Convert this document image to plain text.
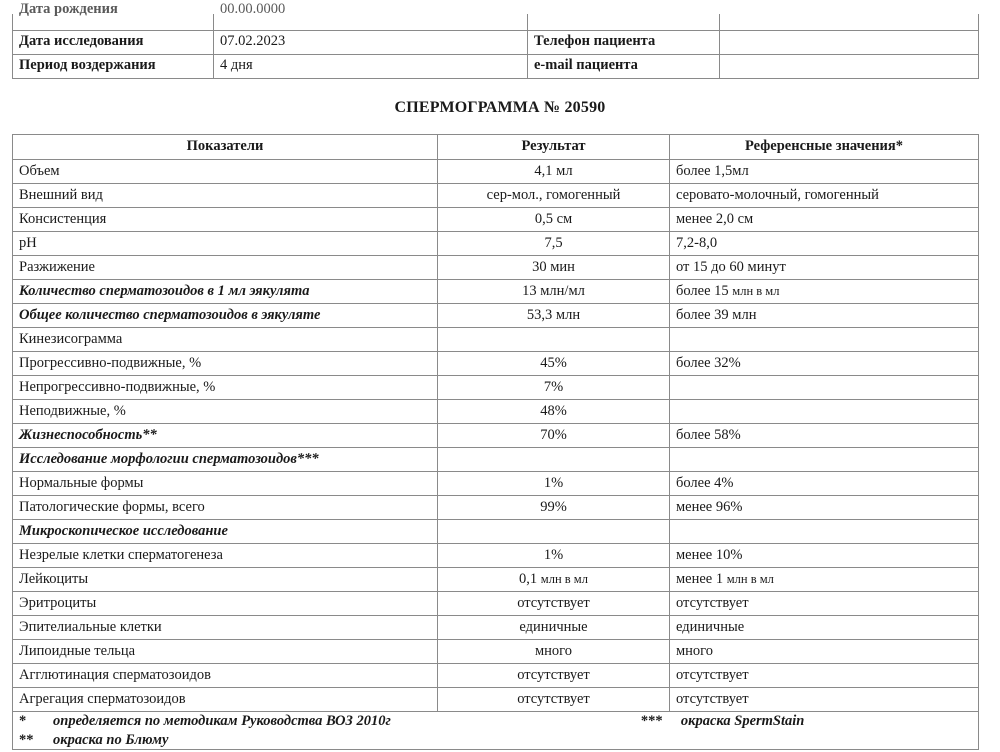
Дата рождения	00.00.0000		

Дата исследования	07.02.2023	Телефон пациента	
Период воздержания	4 дня	e-mail пациента	
СПЕРМОГРАММА № 20590
Показатели	Результат	Референсные значения*
Объем	4,1 мл	более 1,5мл
Внешний вид	сер-мол., гомогенный	серовато-молочный, гомогенный
Консистенция	0,5 см	менее 2,0 см
pH	7,5	7,2-8,0
Разжижение	30 мин	от 15 до 60 минут
Количество сперматозоидов в 1 мл эякулята	13 млн/мл	более 15 млн в мл
Общее количество сперматозоидов в эякуляте	53,3 млн	более 39 млн
Кинезисограмма		
Прогрессивно-подвижные, %	45%	более 32%
Непрогрессивно-подвижные, %	7%	
Неподвижные, %	48%	
Жизнеспособность**	70%	более 58%
Исследование морфологии сперматозоидов***		
Нормальные формы	1%	более 4%
Патологические формы, всего	99%	менее 96%
Микроскопическое исследование		
Незрелые клетки сперматогенеза	1%	менее 10%
Лейкоциты	0,1 млн в мл	менее 1 млн в мл
Эритроциты	отсутствует	отсутствует
Эпителиальные клетки	единичные	единичные
Липоидные тельца	много	много
Агглютинация сперматозоидов	отсутствует	отсутствует
Агрегация сперматозоидов	отсутствует	отсутствует

*	определяется по методикам Руководства ВОЗ 2010г	***	окраска SpermStain
**	окраска по Блюму
